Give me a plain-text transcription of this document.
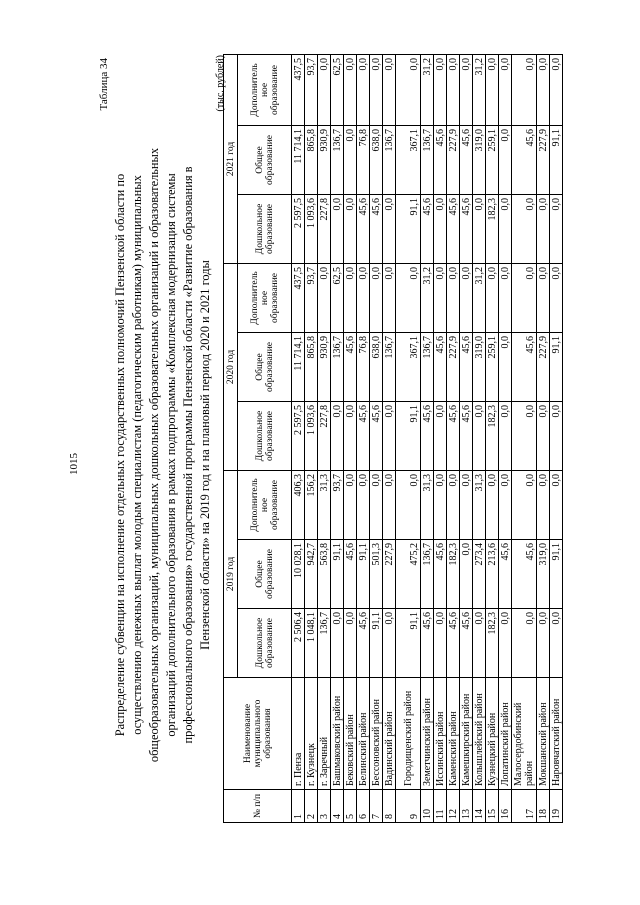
1015
Таблица 34
Распределение субвенции на исполнение отдельных государственных полномочий Пензенской области по осуществлению денежных выплат молодым специалистам (педагогическим работникам) муниципальных общеобразовательных организаций, муниципальных дошкольных образовательных организаций и образовательных организаций дополнительного образования в рамках подпрограммы «Комплексная модернизация системы профессионального образования» государственной программы Пензенской области «Развитие образования в Пензенской области» на 2019 год и на плановый период 2020 и 2021 годы
(тыс. рублей)
№ п/п	Наименование муниципального образования	2019 год			2020 год			2021 год		
		Дошкольное образование	Общее образование	Дополнитель ное образование	Дошкольное образование	Общее образование	Дополнитель ное образование	Дошкольное образование	Общее образование	Дополнитель ное образование
1	г. Пенза	2 506,4	10 028,1	406,3	2 597,5	11 714,1	437,5	2 597,5	11 714,1	437,5
2	г. Кузнецк	1 048,1	942,7	156,2	1 093,6	865,8	93,7	1 093,6	865,8	93,7
3	г. Заречный	136,7	563,8	31,3	227,8	930,9	0,0	227,8	930,9	0,0
4	Башмаковский район	0,0	91,1	93,7	0,0	136,7	62,5	0,0	136,7	62,5
5	Бековский район	0,0	45,6	0,0	0,0	45,6	0,0	0,0	0,0	0,0
6	Белинский район	45,6	91,1	0,0	45,6	76,8	0,0	45,6	76,8	0,0
7	Бессоновский район	91,1	501,3	0,0	45,6	638,0	0,0	45,6	638,0	0,0
8	Вадинский район	0,0	227,9	0,0	0,0	136,7	0,0	0,0	136,7	0,0
9	Городищенский район	91,1	475,2	0,0	91,1	367,1	0,0	91,1	367,1	0,0
10	Земетчинский район	45,6	136,7	31,3	45,6	136,7	31,2	45,6	136,7	31,2
11	Иссинский район	0,0	45,6	0,0	0,0	45,6	0,0	0,0	45,6	0,0
12	Каменский район	45,6	182,3	0,0	45,6	227,9	0,0	45,6	227,9	0,0
13	Камешкирский район	45,6	0,0	0,0	45,6	45,6	0,0	45,6	45,6	0,0
14	Колышлейский район	0,0	273,4	31,3	0,0	319,0	31,2	0,0	319,0	31,2
15	Кузнецкий район	182,3	213,6	0,0	182,3	259,1	0,0	182,3	259,1	0,0
16	Лопатинский район	0,0	45,6	0,0	0,0	0,0	0,0	0,0	0,0	0,0
17	Малосердобинский район	0,0	45,6	0,0	0,0	45,6	0,0	0,0	45,6	0,0
18	Мокшанский район	0,0	319,0	0,0	0,0	227,9	0,0	0,0	227,9	0,0
19	Наровчатский район	0,0	91,1	0,0	0,0	91,1	0,0	0,0	91,1	0,0
